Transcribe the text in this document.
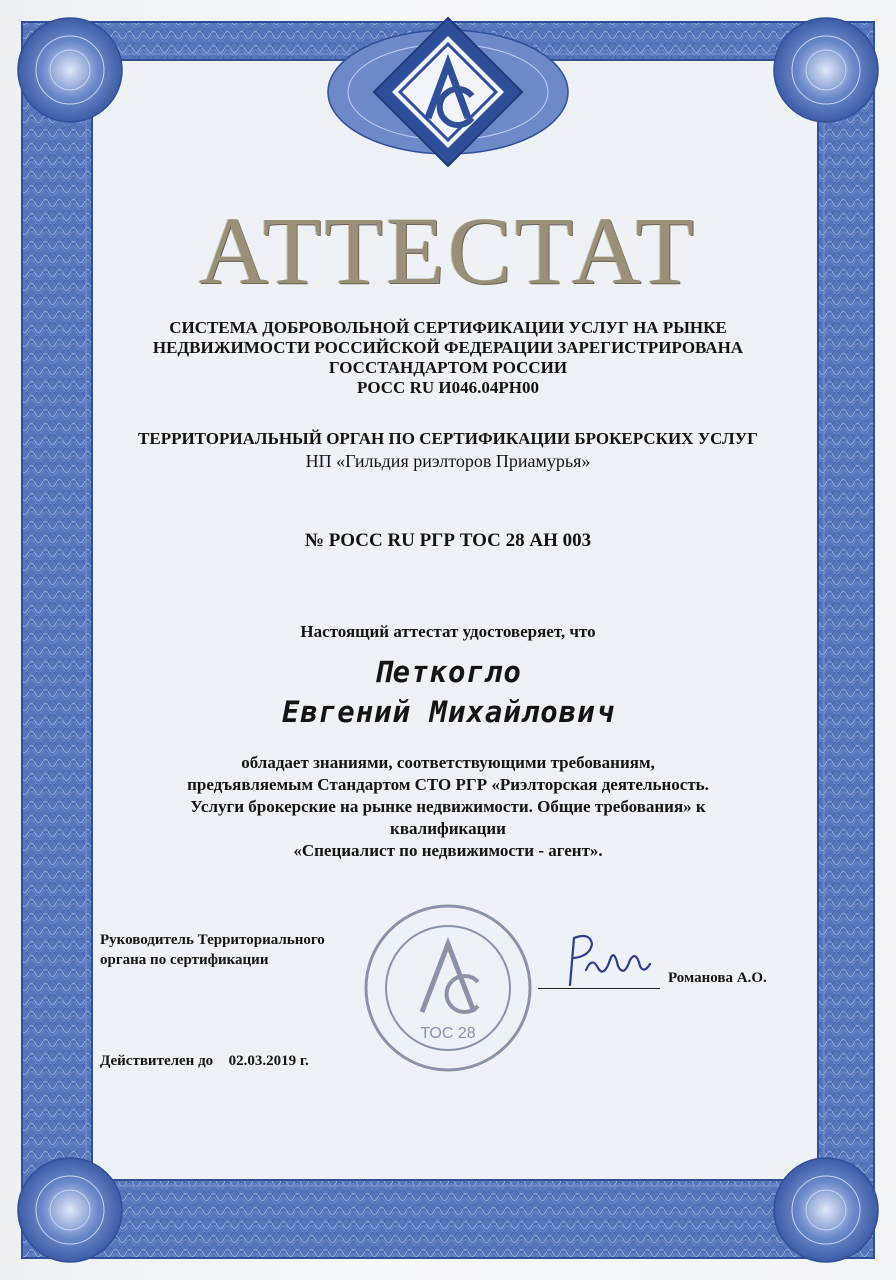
АТТЕСТАТ
СИСТЕМА ДОБРОВОЛЬНОЙ СЕРТИФИКАЦИИ УСЛУГ НА РЫНКЕ
НЕДВИЖИМОСТИ РОССИЙСКОЙ ФЕДЕРАЦИИ ЗАРЕГИСТРИРОВАНА
ГОССТАНДАРТОМ РОССИИ
РОСС RU И046.04РН00
ТЕРРИТОРИАЛЬНЫЙ ОРГАН ПО СЕРТИФИКАЦИИ БРОКЕРСКИХ УСЛУГ
НП «Гильдия риэлторов Приамурья»
№ РОСС RU РГР ТОС 28 АН 003
Настоящий аттестат удостоверяет, что
Петкогло
Евгений Михайлович
обладает знаниями, соответствующими требованиям,
предъявляемым Стандартом СТО РГР «Риэлторская деятельность.
Услуги брокерские на рынке недвижимости. Общие требования» к
квалификации
«Специалист по недвижимости - агент».
ТОС 28
Руководитель Территориального
органа по сертификации
Романова А.О.
Действителен до 02.03.2019 г.
